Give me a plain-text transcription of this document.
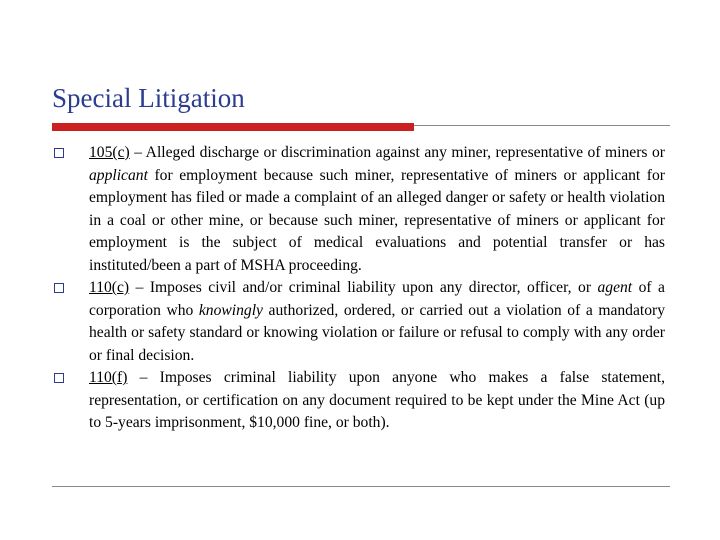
Special Litigation
105(c) – Alleged discharge or discrimination against any miner, representative of miners or applicant for employment because such miner, representative of miners or applicant for employment has filed or made a complaint of an alleged danger or safety or health violation in a coal or other mine, or because such miner, representative of miners or applicant for employment is the subject of medical evaluations and potential transfer or has instituted/been a part of MSHA proceeding.
110(c) – Imposes civil and/or criminal liability upon any director, officer, or agent of a corporation who knowingly authorized, ordered, or carried out a violation of a mandatory health or safety standard or knowing violation or failure or refusal to comply with any order or final decision.
110(f) – Imposes criminal liability upon anyone who makes a false statement, representation, or certification on any document required to be kept under the Mine Act (up to 5-years imprisonment, $10,000 fine, or both).
